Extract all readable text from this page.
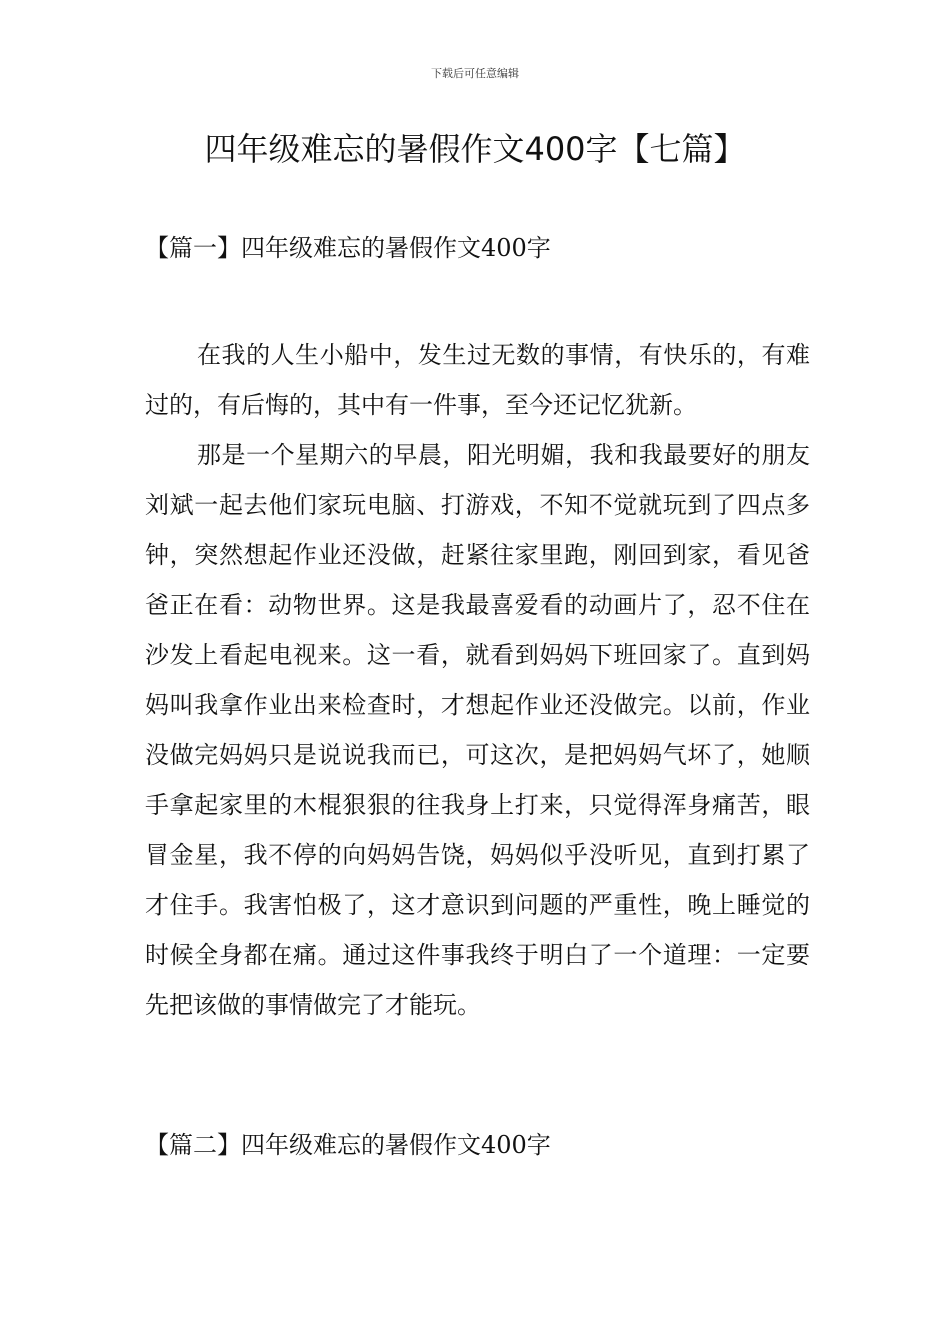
下载后可任意编辑
四年级难忘的暑假作文400字【七篇】
【篇一】四年级难忘的暑假作文400字

在我的人生小船中，发生过无数的事情，有快乐的，有难过的，有后悔的，其中有一件事，至今还记忆犹新。

那是一个星期六的早晨，阳光明媚，我和我最要好的朋友刘斌一起去他们家玩电脑、打游戏，不知不觉就玩到了四点多钟，突然想起作业还没做，赶紧往家里跑，刚回到家，看见爸爸正在看：动物世界。这是我最喜爱看的动画片了，忍不住在沙发上看起电视来。这一看，就看到妈妈下班回家了。直到妈妈叫我拿作业出来检查时，才想起作业还没做完。以前，作业没做完妈妈只是说说我而已，可这次，是把妈妈气坏了，她顺手拿起家里的木棍狠狠的往我身上打来，只觉得浑身痛苦，眼冒金星，我不停的向妈妈告饶，妈妈似乎没听见，直到打累了才住手。我害怕极了，这才意识到问题的严重性，晚上睡觉的时候全身都在痛。通过这件事我终于明白了一个道理：一定要先把该做的事情做完了才能玩。

【篇二】四年级难忘的暑假作文400字
